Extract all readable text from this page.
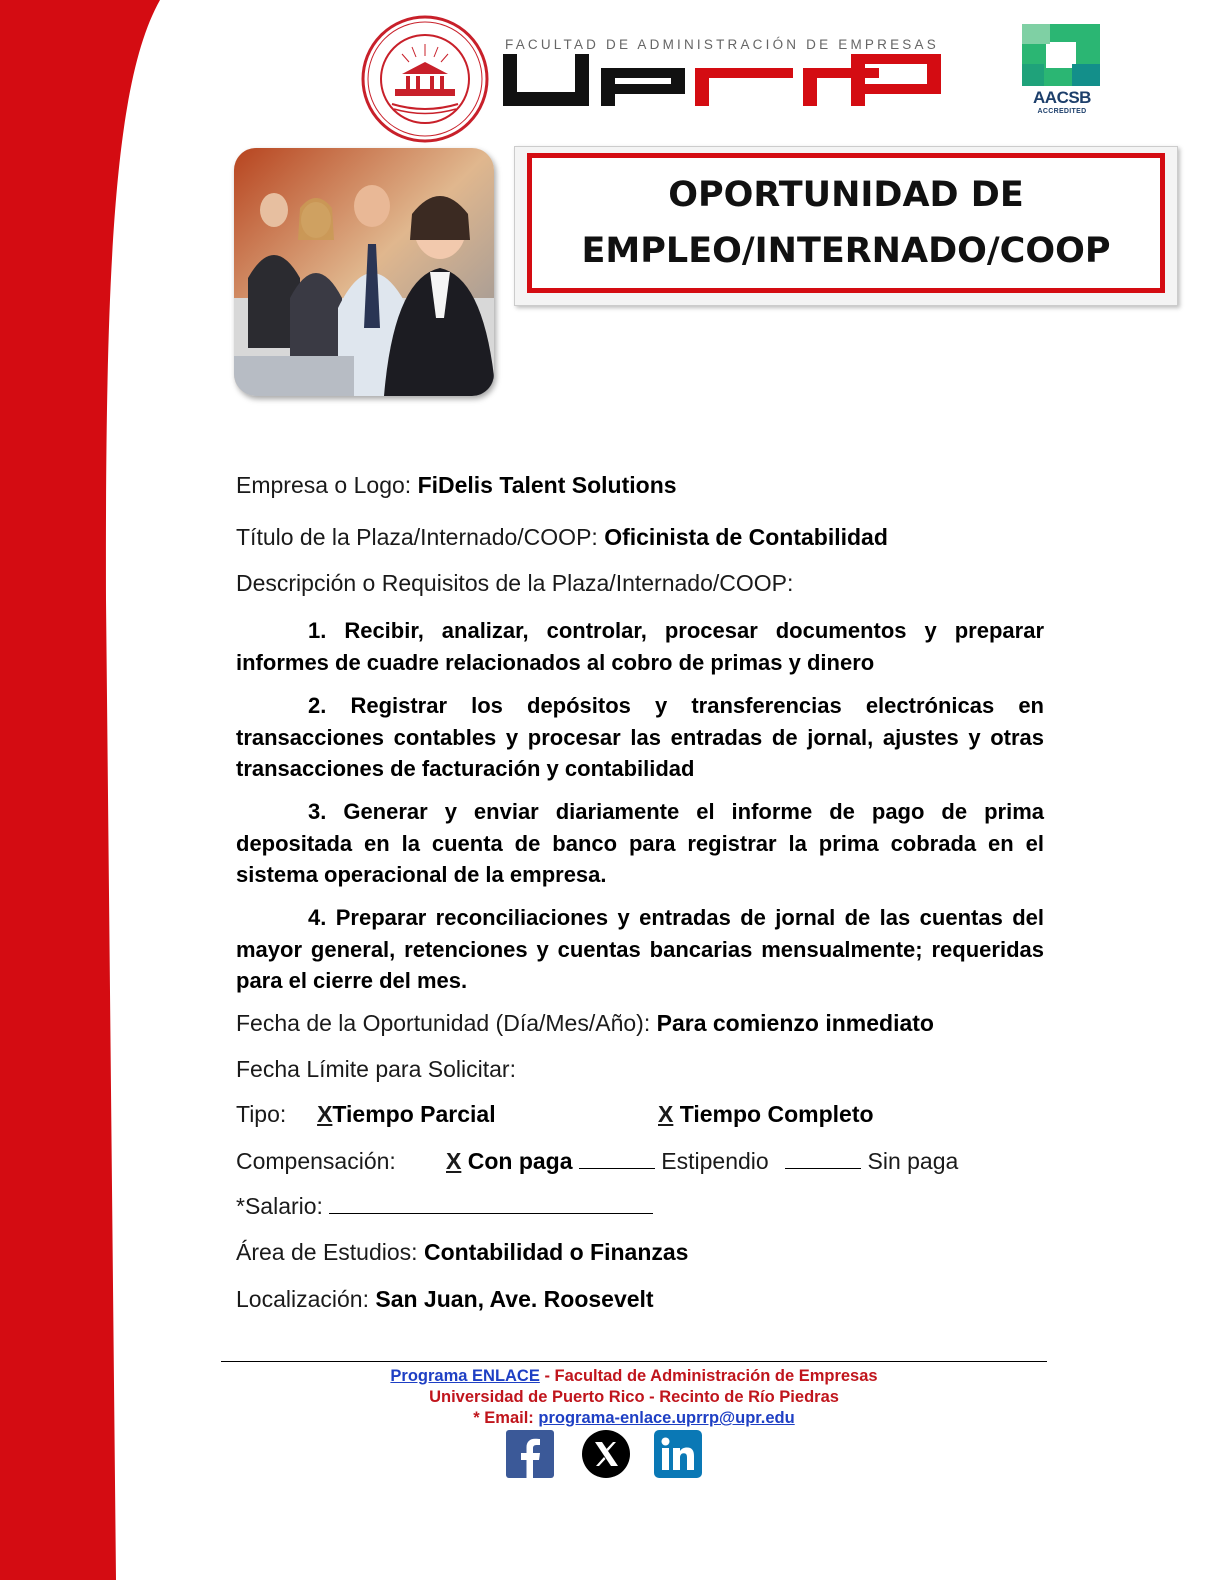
FACULTAD DE ADMINISTRACIÓN DE EMPRESAS
AACSB
ACCREDITED
OPORTUNIDAD DE
EMPLEO/INTERNADO/COOP
Empresa o Logo: FiDelis Talent Solutions
Título de la Plaza/Internado/COOP: Oficinista de Contabilidad
Descripción o Requisitos de la Plaza/Internado/COOP:
1. Recibir, analizar, controlar, procesar documentos y preparar informes de cuadre relacionados al cobro de primas y dinero
2. Registrar los depósitos y transferencias electrónicas en transacciones contables y procesar las entradas de jornal, ajustes y otras transacciones de facturación y contabilidad
3. Generar y enviar diariamente el informe de pago de prima depositada en la cuenta de banco para registrar la prima cobrada en el sistema operacional de la empresa.
4. Preparar reconciliaciones y entradas de jornal de las cuentas del mayor general, retenciones y cuentas bancarias mensualmente; requeridas para el cierre del mes.
Fecha de la Oportunidad (Día/Mes/Año): Para comienzo inmediato
Fecha Límite para Solicitar:
Tipo: XTiempo Parcial	X Tiempo Completo
Compensación: X Con paga	Estipendio	Sin paga
*Salario:
Área de Estudios: Contabilidad o Finanzas
Localización: San Juan, Ave. Roosevelt
Programa ENLACE - Facultad de Administración de Empresas
Universidad de Puerto Rico - Recinto de Río Piedras
* Email: programa-enlace.uprrp@upr.edu
